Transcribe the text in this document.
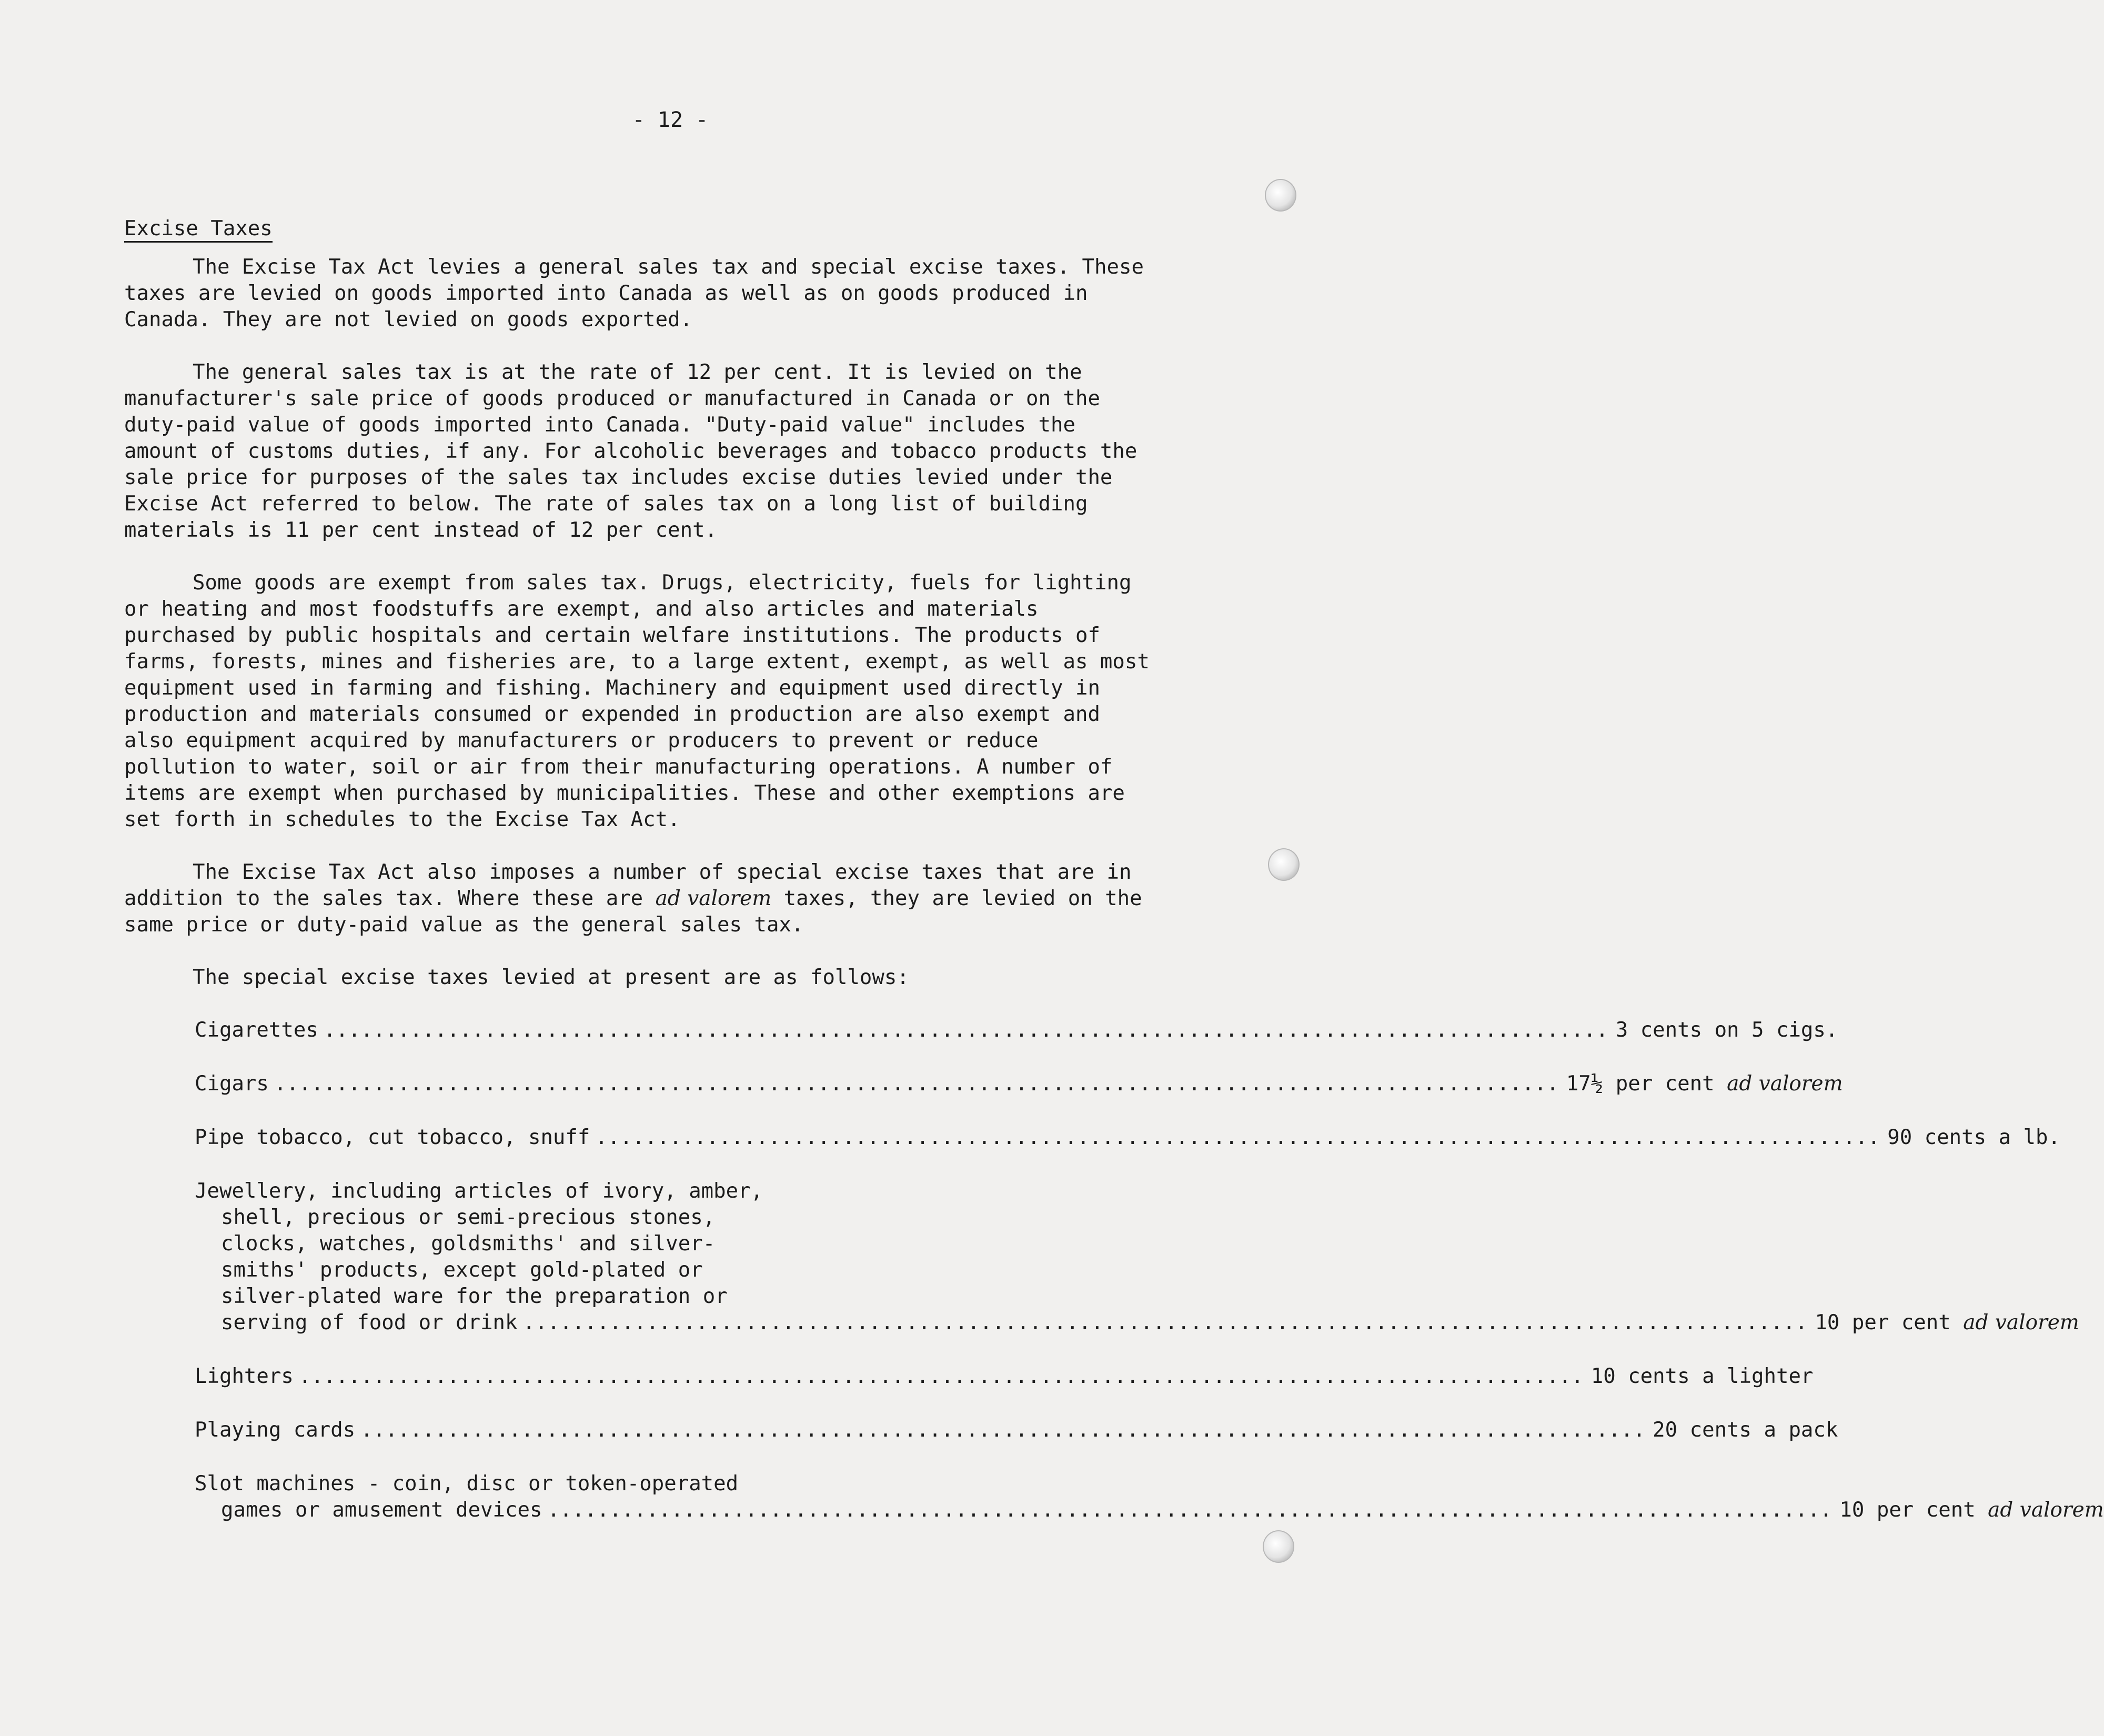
- 12 -
Excise Taxes

The Excise Tax Act levies a general sales tax and special excise taxes. These taxes are levied on goods imported into Canada as well as on goods produced in Canada. They are not levied on goods exported.

The general sales tax is at the rate of 12 per cent. It is levied on the manufacturer's sale price of goods produced or manufactured in Canada or on the duty-paid value of goods imported into Canada. "Duty-paid value" includes the amount of customs duties, if any. For alcoholic beverages and tobacco products the sale price for purposes of the sales tax includes excise duties levied under the Excise Act referred to below. The rate of sales tax on a long list of building materials is 11 per cent instead of 12 per cent.

Some goods are exempt from sales tax. Drugs, electricity, fuels for lighting or heating and most foodstuffs are exempt, and also articles and materials purchased by public hospitals and certain welfare institutions. The products of farms, forests, mines and fisheries are, to a large extent, exempt, as well as most equipment used in farming and fishing. Machinery and equipment used directly in production and materials consumed or expended in production are also exempt and also equipment acquired by manufacturers or producers to prevent or reduce pollution to water, soil or air from their manufacturing operations. A number of items are exempt when purchased by municipalities. These and other exemptions are set forth in schedules to the Excise Tax Act.

The Excise Tax Act also imposes a number of special excise taxes that are in addition to the sales tax. Where these are ad valorem taxes, they are levied on the same price or duty-paid value as the general sales tax.

The special excise taxes levied at present are as follows:

Cigarettes ........................................................................................................ 3 cents on 5 cigs.
Cigars ........................................................................................................ 17½ per cent ad valorem
Pipe tobacco, cut tobacco, snuff ........................................................................................................ 90 cents a lb.
Jewellery, including articles of ivory, amber,
shell, precious or semi-precious stones,
clocks, watches, goldsmiths' and silver-
smiths' products, except gold-plated or
silver-plated ware for the preparation or
serving of food or drink ........................................................................................................ 10 per cent ad valorem
Lighters ........................................................................................................ 10 cents a lighter
Playing cards ........................................................................................................ 20 cents a pack
Slot machines - coin, disc or token-operated
games or amusement devices ........................................................................................................ 10 per cent ad valorem
